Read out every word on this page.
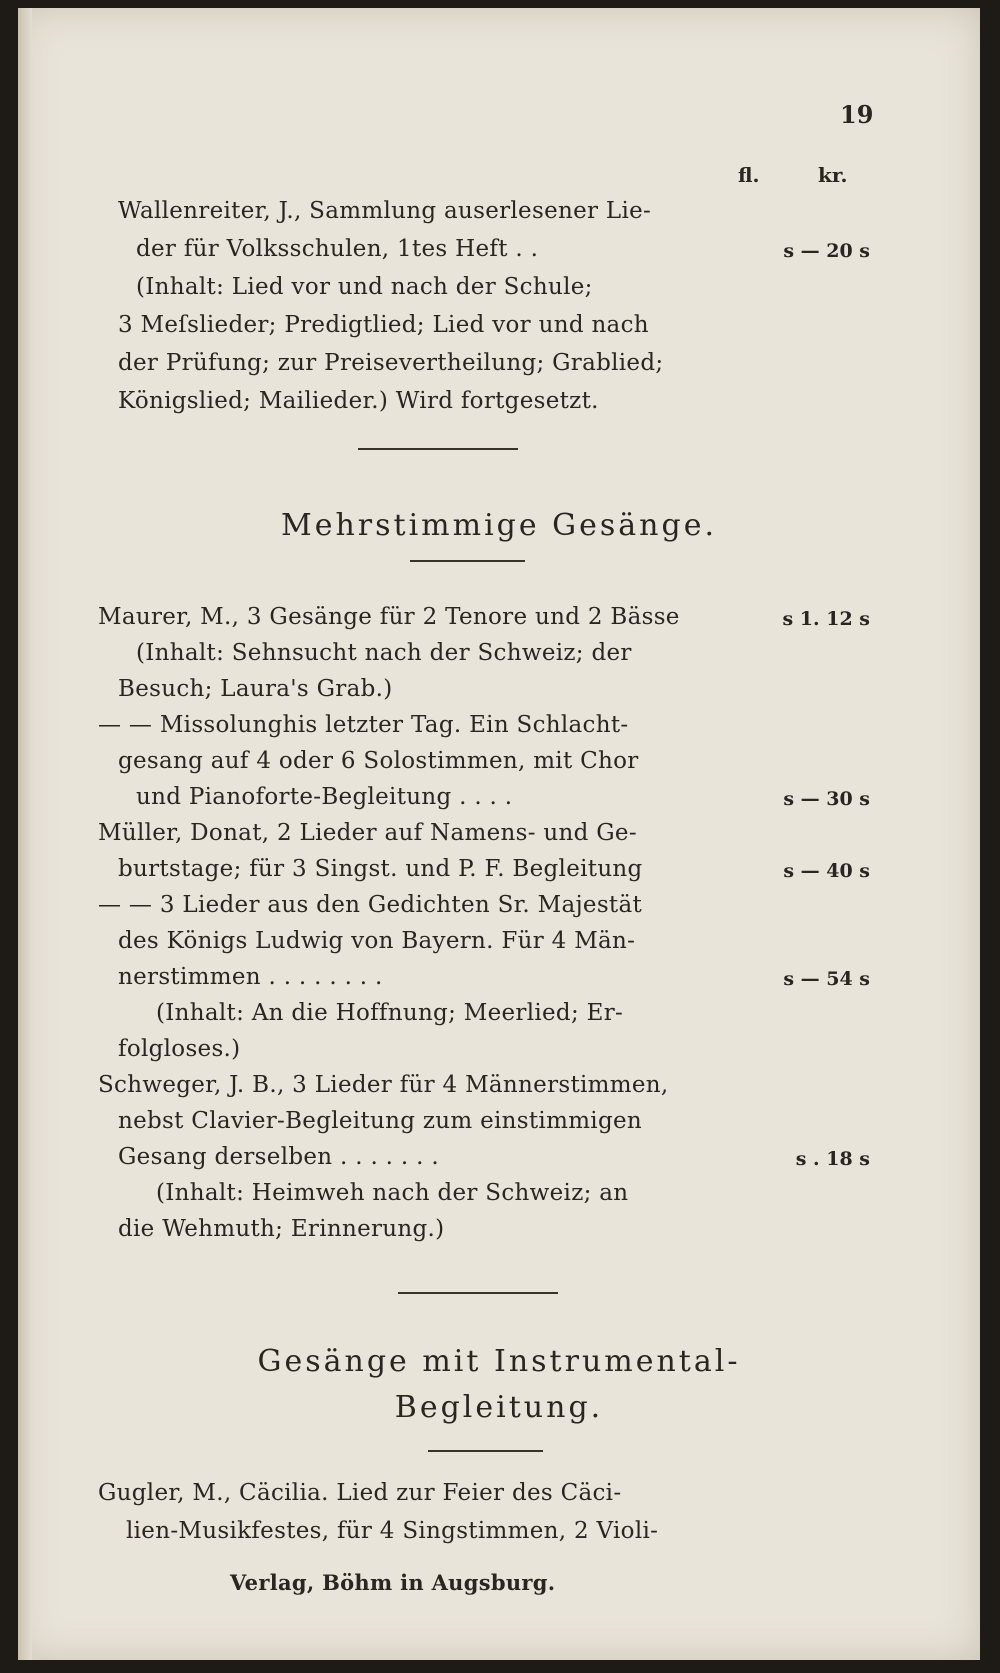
19
fl.	kr.
Wallenreiter, J., Sammlung auserlesener Lie-
der für Volksschulen, 1tes Heft . .	s — 20 s
(Inhalt: Lied vor und nach der Schule;
3 Meſslieder; Predigtlied; Lied vor und nach
der Prüfung; zur Preisevertheilung; Grablied;
Königslied; Mailieder.) Wird fortgesetzt.
Mehrstimmige Gesänge.
Maurer, M., 3 Gesänge für 2 Tenore und 2 Bässe	s 1. 12 s
(Inhalt: Sehnsucht nach der Schweiz; der
Besuch; Laura's Grab.)
— — Missolunghis letzter Tag. Ein Schlacht-
gesang auf 4 oder 6 Solostimmen, mit Chor
und Pianoforte-Begleitung . . . .	s — 30 s
Müller, Donat, 2 Lieder auf Namens- und Ge-
burtstage; für 3 Singst. und P. F. Begleitung	s — 40 s
— — 3 Lieder aus den Gedichten Sr. Majestät
des Königs Ludwig von Bayern. Für 4 Män-
nerstimmen . . . . . . . .	s — 54 s
(Inhalt: An die Hoffnung; Meerlied; Er-
folgloses.)
Schweger, J. B., 3 Lieder für 4 Männerstimmen,
nebst Clavier-Begleitung zum einstimmigen
Gesang derselben . . . . . . .	s . 18 s
(Inhalt: Heimweh nach der Schweiz; an
die Wehmuth; Erinnerung.)
Gesänge mit Instrumental-
Begleitung.
Gugler, M., Cäcilia. Lied zur Feier des Cäci-
lien-Musikfestes, für 4 Singstimmen, 2 Violi-
Verlag, Böhm in Augsburg.
